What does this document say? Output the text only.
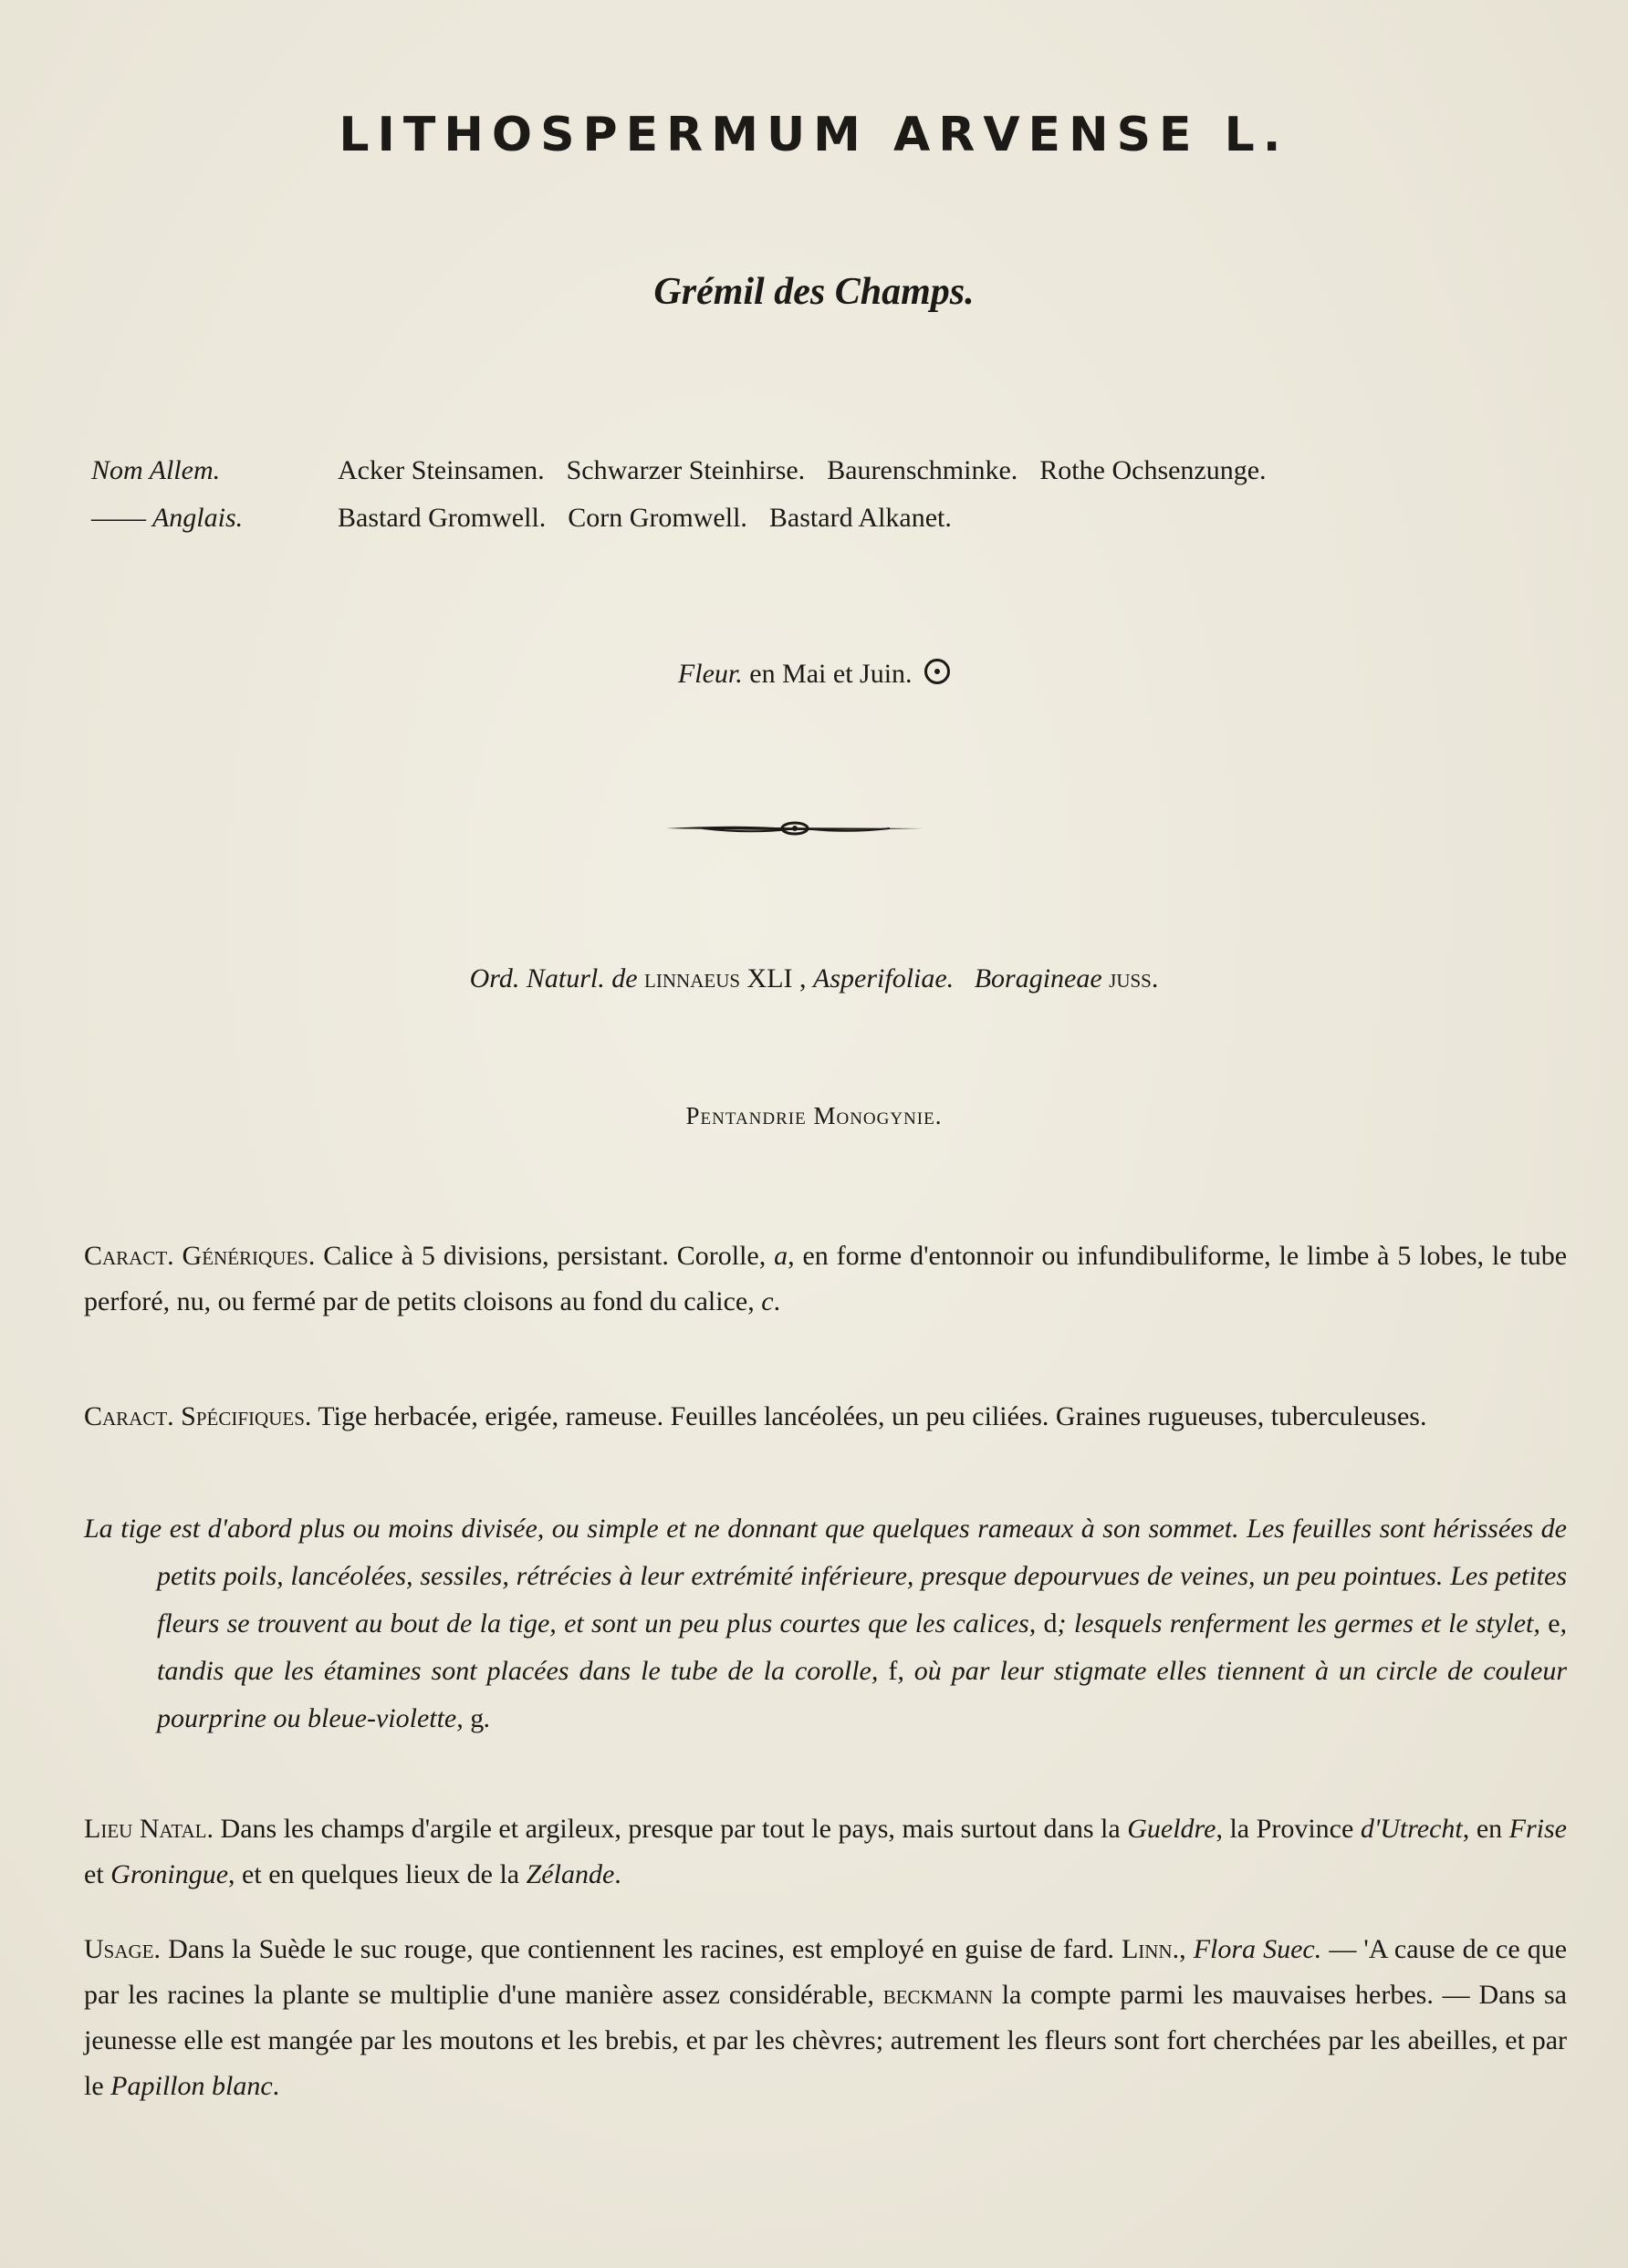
LITHOSPERMUM ARVENSE L.
Grémil des Champs.
Nom Allem.	Acker Steinsamen. Schwarzer Steinhirse. Baurenschminke. Rothe Ochsenzunge.
—— Anglais.	Bastard Gromwell. Corn Gromwell. Bastard Alkanet.
Fleur. en Mai et Juin.
Ord. Naturl. de linnaeus XLI , Asperifoliae. Boragineae juss.
Pentandrie Monogynie.
Caract. Génériques. Calice à 5 divisions, persistant. Corolle, a, en forme d'entonnoir ou infundibuliforme, le limbe à 5 lobes, le tube perforé, nu, ou fermé par de petits cloisons au fond du calice, c.
Caract. Spécifiques. Tige herbacée, erigée, rameuse. Feuilles lancéolées, un peu ciliées. Graines rugueuses, tuberculeuses.
La tige est d'abord plus ou moins divisée, ou simple et ne donnant que quelques rameaux à son sommet. Les feuilles sont hérissées de petits poils, lancéolées, sessiles, rétrécies à leur extrémité inférieure, presque depourvues de veines, un peu pointues. Les petites fleurs se trouvent au bout de la tige, et sont un peu plus courtes que les calices, d; lesquels renferment les germes et le stylet, e, tandis que les étamines sont placées dans le tube de la corolle, f, où par leur stigmate elles tiennent à un circle de couleur pourprine ou bleue-violette, g.
Lieu Natal. Dans les champs d'argile et argileux, presque par tout le pays, mais surtout dans la Gueldre, la Province d'Utrecht, en Frise et Groningue, et en quelques lieux de la Zélande.
Usage. Dans la Suède le suc rouge, que contiennent les racines, est employé en guise de fard. Linn., Flora Suec. — 'A cause de ce que par les racines la plante se multiplie d'une manière assez considérable, beckmann la compte parmi les mauvaises herbes. — Dans sa jeunesse elle est mangée par les moutons et les brebis, et par les chèvres; autrement les fleurs sont fort cherchées par les abeilles, et par le Papillon blanc.
